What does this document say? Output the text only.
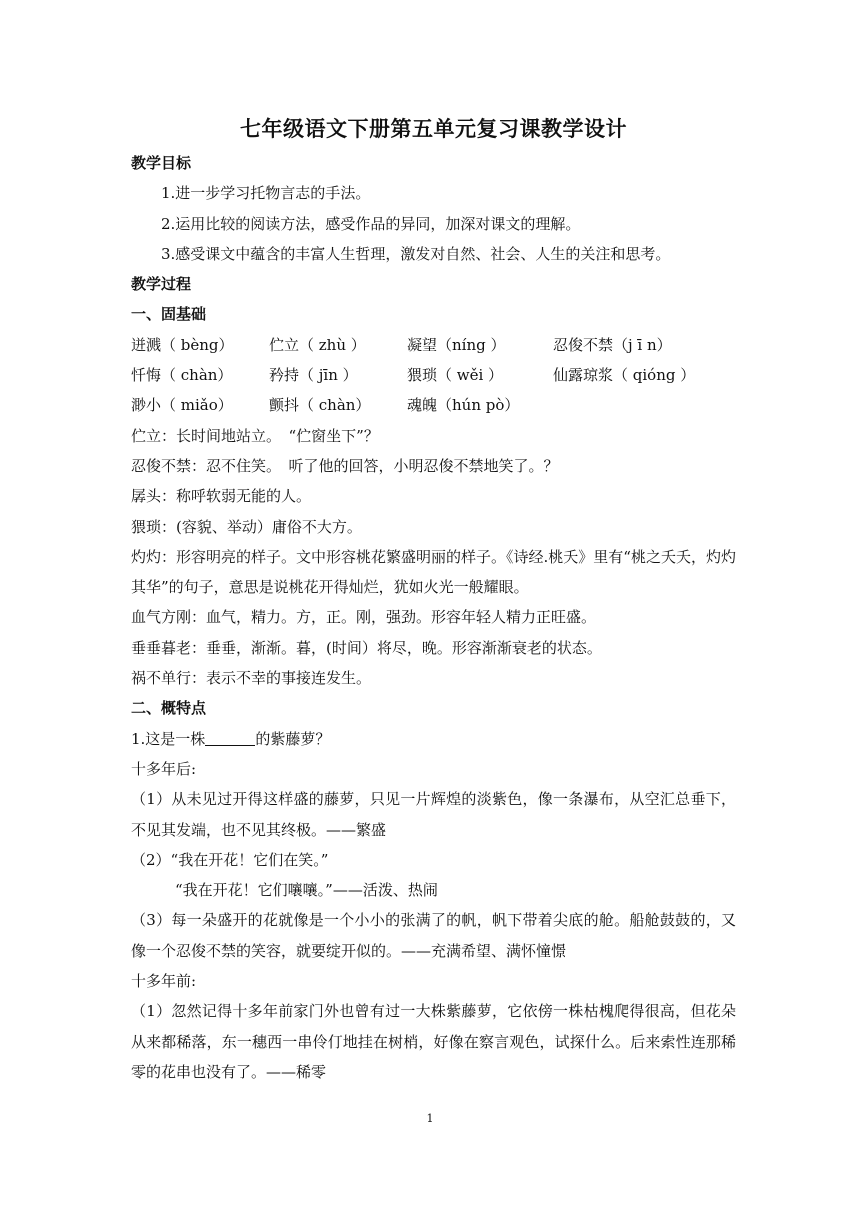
七年级语文下册第五单元复习课教学设计
教学目标
1.进一步学习托物言志的手法。
2.运用比较的阅读方法，感受作品的异同，加深对课文的理解。
3.感受课文中蕴含的丰富人生哲理，激发对自然、社会、人生的关注和思考。
教学过程
一、固基础
迸溅（ bèng）	伫立（ zhù ）	凝望（níng ）	忍俊不禁（j ī n）
忏悔（ chàn）	矜持（ jīn ）	猥琐（ wěi ）	仙露琼浆（ qióng ）
渺小（ miǎo）	颤抖（ chàn）	魂魄（hún pò）
伫立：长时间地站立。　“伫窗坐下”？
忍俊不禁：忍不住笑。　听了他的回答，小明忍俊不禁地笑了。？
孱头：称呼软弱无能的人。
猥琐：(容貌、举动）庸俗不大方。
灼灼：形容明亮的样子。文中形容桃花繁盛明丽的样子。《诗经.桃夭》里有“桃之夭夭，灼灼其华”的句子，意思是说桃花开得灿烂，犹如火光一般耀眼。
血气方刚：血气，精力。方，正。刚，强劲。形容年轻人精力正旺盛。
垂垂暮老：垂垂，渐渐。暮，(时间）将尽，晚。形容渐渐衰老的状态。
祸不单行：表示不幸的事接连发生。
二、概特点
1.这是一株	的紫藤萝？
十多年后:
（1）从未见过开得这样盛的藤萝，只见一片辉煌的淡紫色，像一条瀑布，从空汇总垂下，不见其发端，也不见其终极。——繁盛
（2）“我在开花！它们在笑。”
“我在开花！它们嚷嚷。”——活泼、热闹
（3）每一朵盛开的花就像是一个小小的张满了的帆，帆下带着尖底的舱。船舱鼓鼓的，又像一个忍俊不禁的笑容，就要绽开似的。——充满希望、满怀憧憬
十多年前:
（1）忽然记得十多年前家门外也曾有过一大株紫藤萝，它依傍一株枯槐爬得很高，但花朵从来都稀落，东一穗西一串伶仃地挂在树梢，好像在察言观色，试探什么。后来索性连那稀零的花串也没有了。——稀零
1
